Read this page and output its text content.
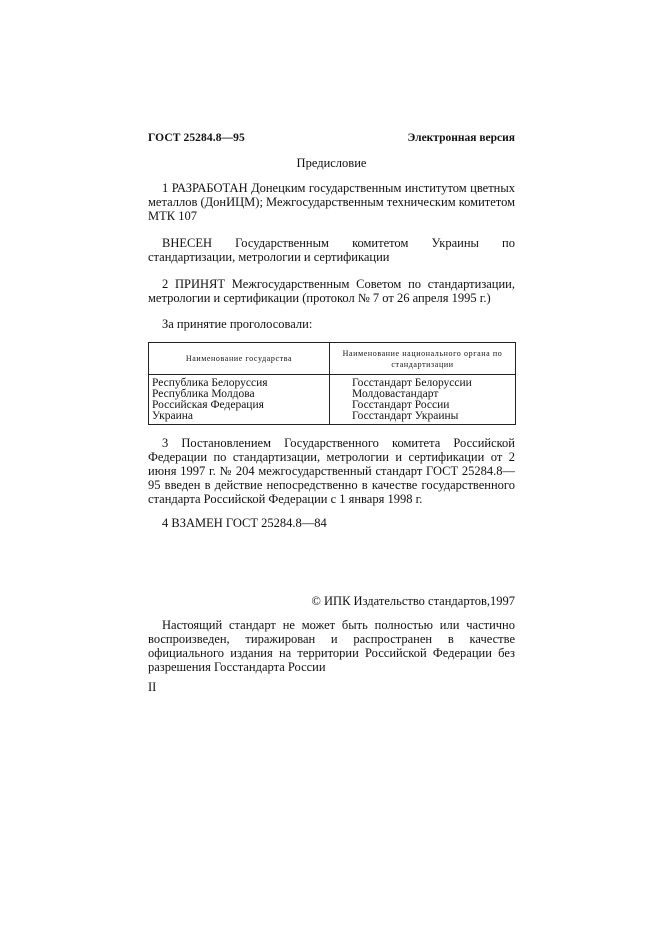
ГОСТ 25284.8—95	Электронная версия
Предисловие

1 РАЗРАБОТАН Донецким государственным институтом цветных металлов (ДонИЦМ); Межгосударственным техническим комитетом МТК 107

ВНЕСЕН Государственным комитетом Украины по стандартизации, метрологии и сертификации

2 ПРИНЯТ Межгосударственным Советом по стандартизации, метрологии и сертификации (протокол № 7 от 26 апреля 1995 г.)

За принятие проголосовали:

Наименование государства	Наименование национального органа по стандартизации
Республика Белоруссия	Госстандарт Белоруссии
Республика Молдова	Молдовастандарт
Российская Федерация	Госстандарт России
Украина	Госстандарт Украины

3 Постановлением Государственного комитета Российской Федерации по стандартизации, метрологии и сертификации от 2 июня 1997 г. № 204 межгосударственный стандарт ГОСТ 25284.8—95 введен в действие непосредственно в качестве государственного стандарта Российской Федерации с 1 января 1998 г.

4 ВЗАМЕН ГОСТ 25284.8—84

© ИПК Издательство стандартов,1997

Настоящий стандарт не может быть полностью или частично воспроизведен, тиражирован и распространен в качестве официального издания на территории Российской Федерации без разрешения Госстандарта России

II
